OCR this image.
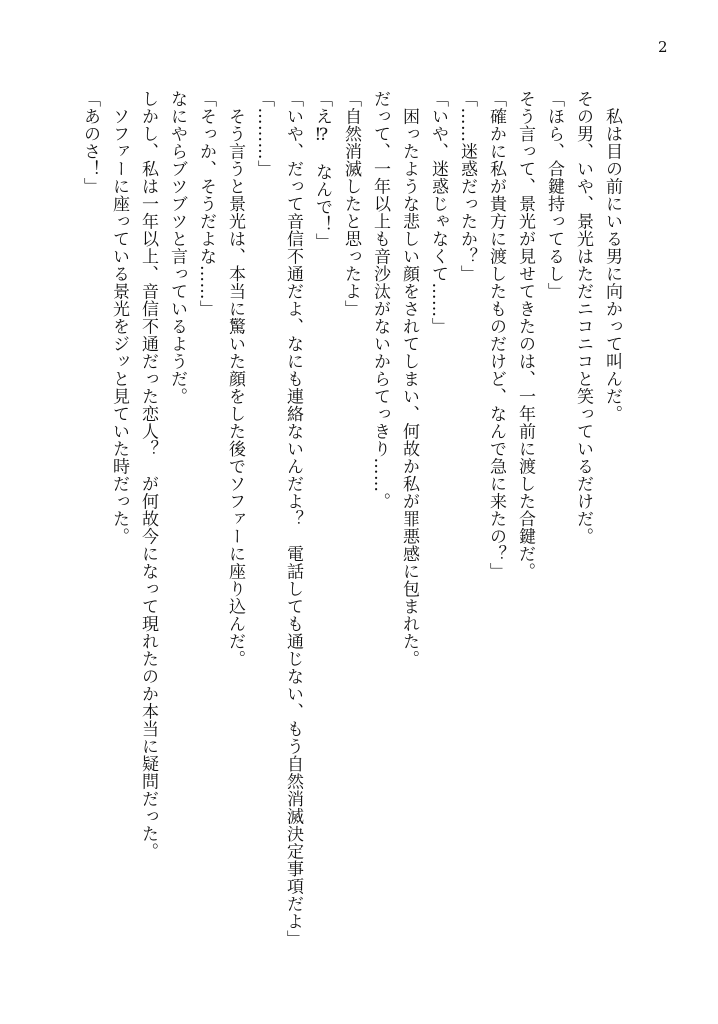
2

　私は目の前にいる男に向かって叫んだ。

その男、いや、景光はただニコニコと笑っているだけだ。

「ほら、合鍵持ってるし」

そう言って、景光が見せてきたのは、一年前に渡した合鍵だ。

「確かに私が貴方に渡したものだけど、なんで急に来たの？」

「……迷惑だったか？」

「いや、迷惑じゃなくて……」

　困ったような悲しい顔をされてしまい、何故か私が罪悪感に包まれた。

だって、一年以上も音沙汰がないからてっきり……。

「自然消滅したと思ったよ」

「え⁉　なんで！」

「いや、だって音信不通だよ、なにも連絡ないんだよ？　電話しても通じない、もう自然消滅決定事項だよ」

「………」

　そう言うと景光は、本当に驚いた顔をした後でソファーに座り込んだ。

「そっか、そうだよな……」

なにやらブツブツと言っているようだ。

しかし、私は一年以上、音信不通だった恋人？　が何故今になって現れたのか本当に疑問だった。

　ソファーに座っている景光をジッと見ていた時だった。

「あのさ！」
